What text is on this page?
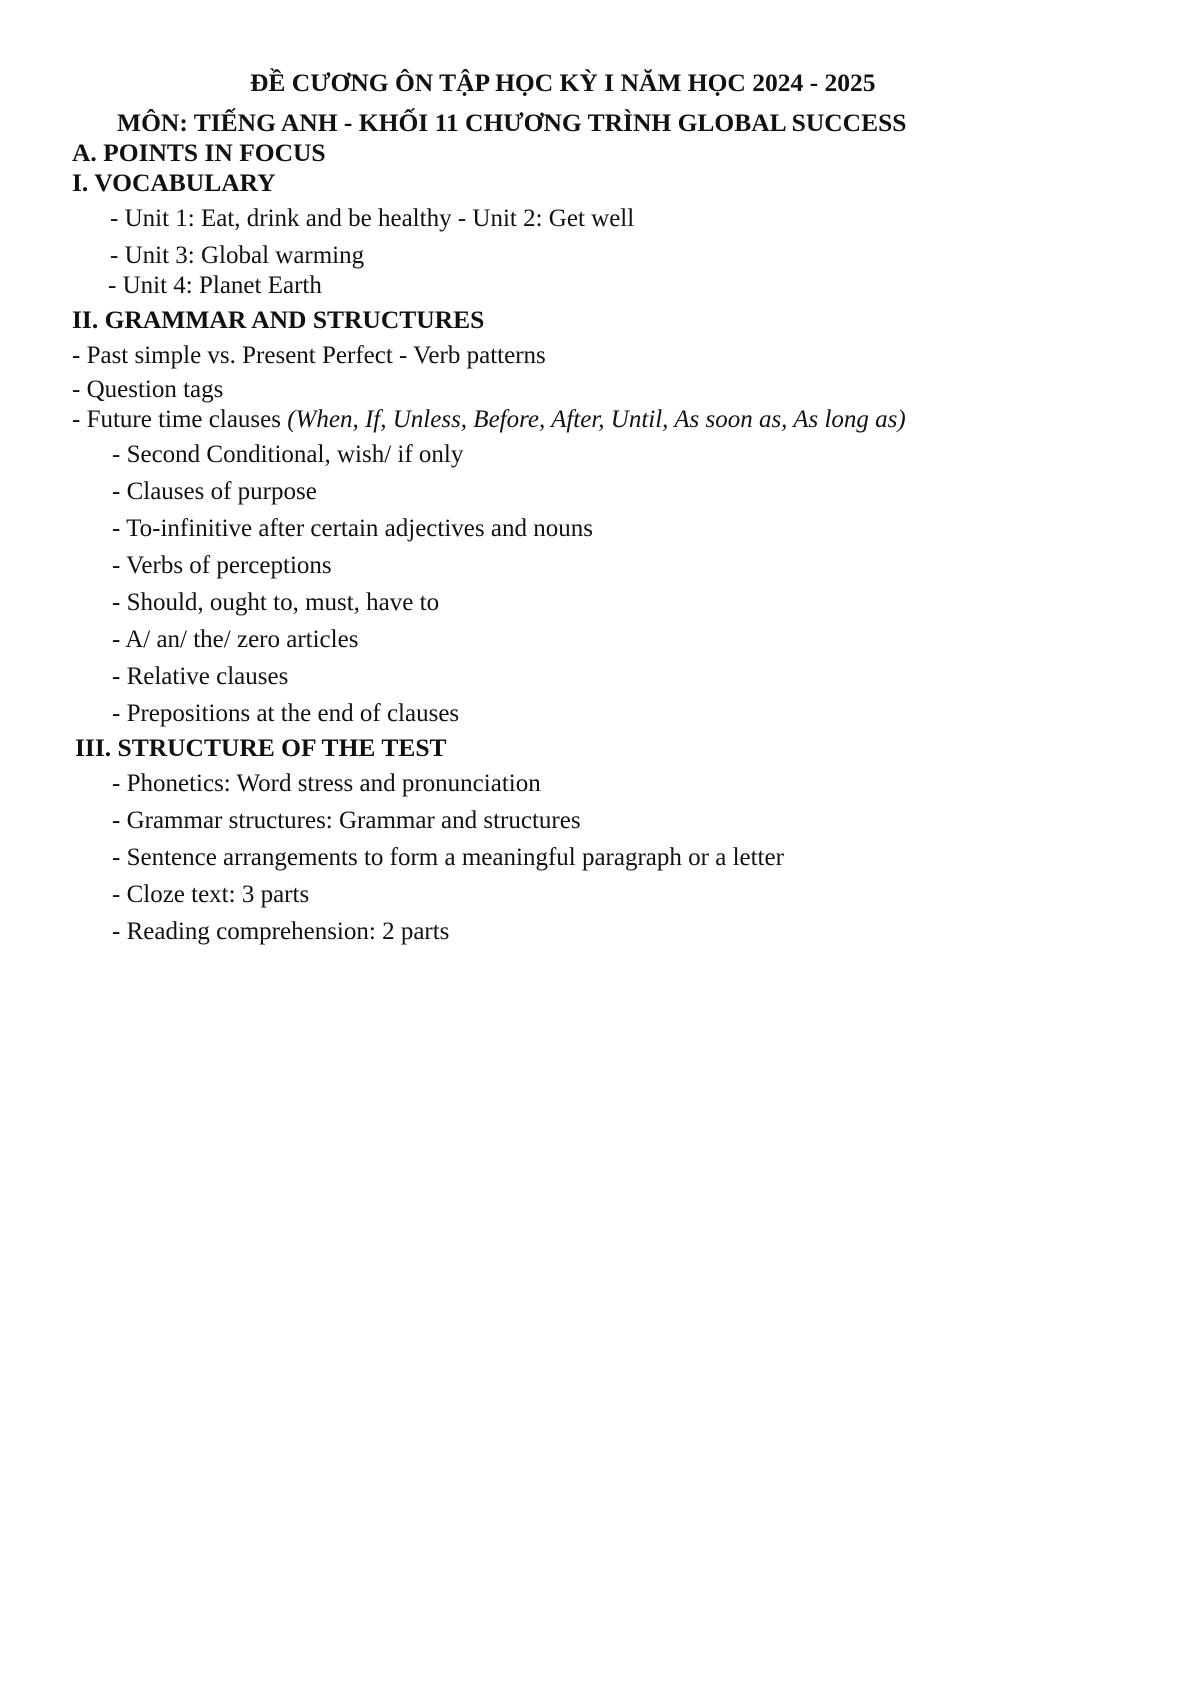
ĐỀ CƯƠNG ÔN TẬP HỌC KỲ I NĂM HỌC 2024 - 2025
MÔN: TIẾNG ANH - KHỐI 11 CHƯƠNG TRÌNH GLOBAL SUCCESS
A. POINTS IN FOCUS
I. VOCABULARY
- Unit 1: Eat, drink and be healthy - Unit 2: Get well
- Unit 3: Global warming
- Unit 4: Planet Earth
II. GRAMMAR AND STRUCTURES
- Past simple vs. Present Perfect - Verb patterns
- Question tags
- Future time clauses (When, If, Unless, Before, After, Until, As soon as, As long as)
- Second Conditional, wish/ if only
- Clauses of purpose
- To-infinitive after certain adjectives and nouns
- Verbs of perceptions
- Should, ought to, must, have to
- A/ an/ the/ zero articles
- Relative clauses
- Prepositions at the end of clauses
III. STRUCTURE OF THE TEST
- Phonetics: Word stress and pronunciation
- Grammar structures: Grammar and structures
- Sentence arrangements to form a meaningful paragraph or a letter
- Cloze text: 3 parts
- Reading comprehension: 2 parts
